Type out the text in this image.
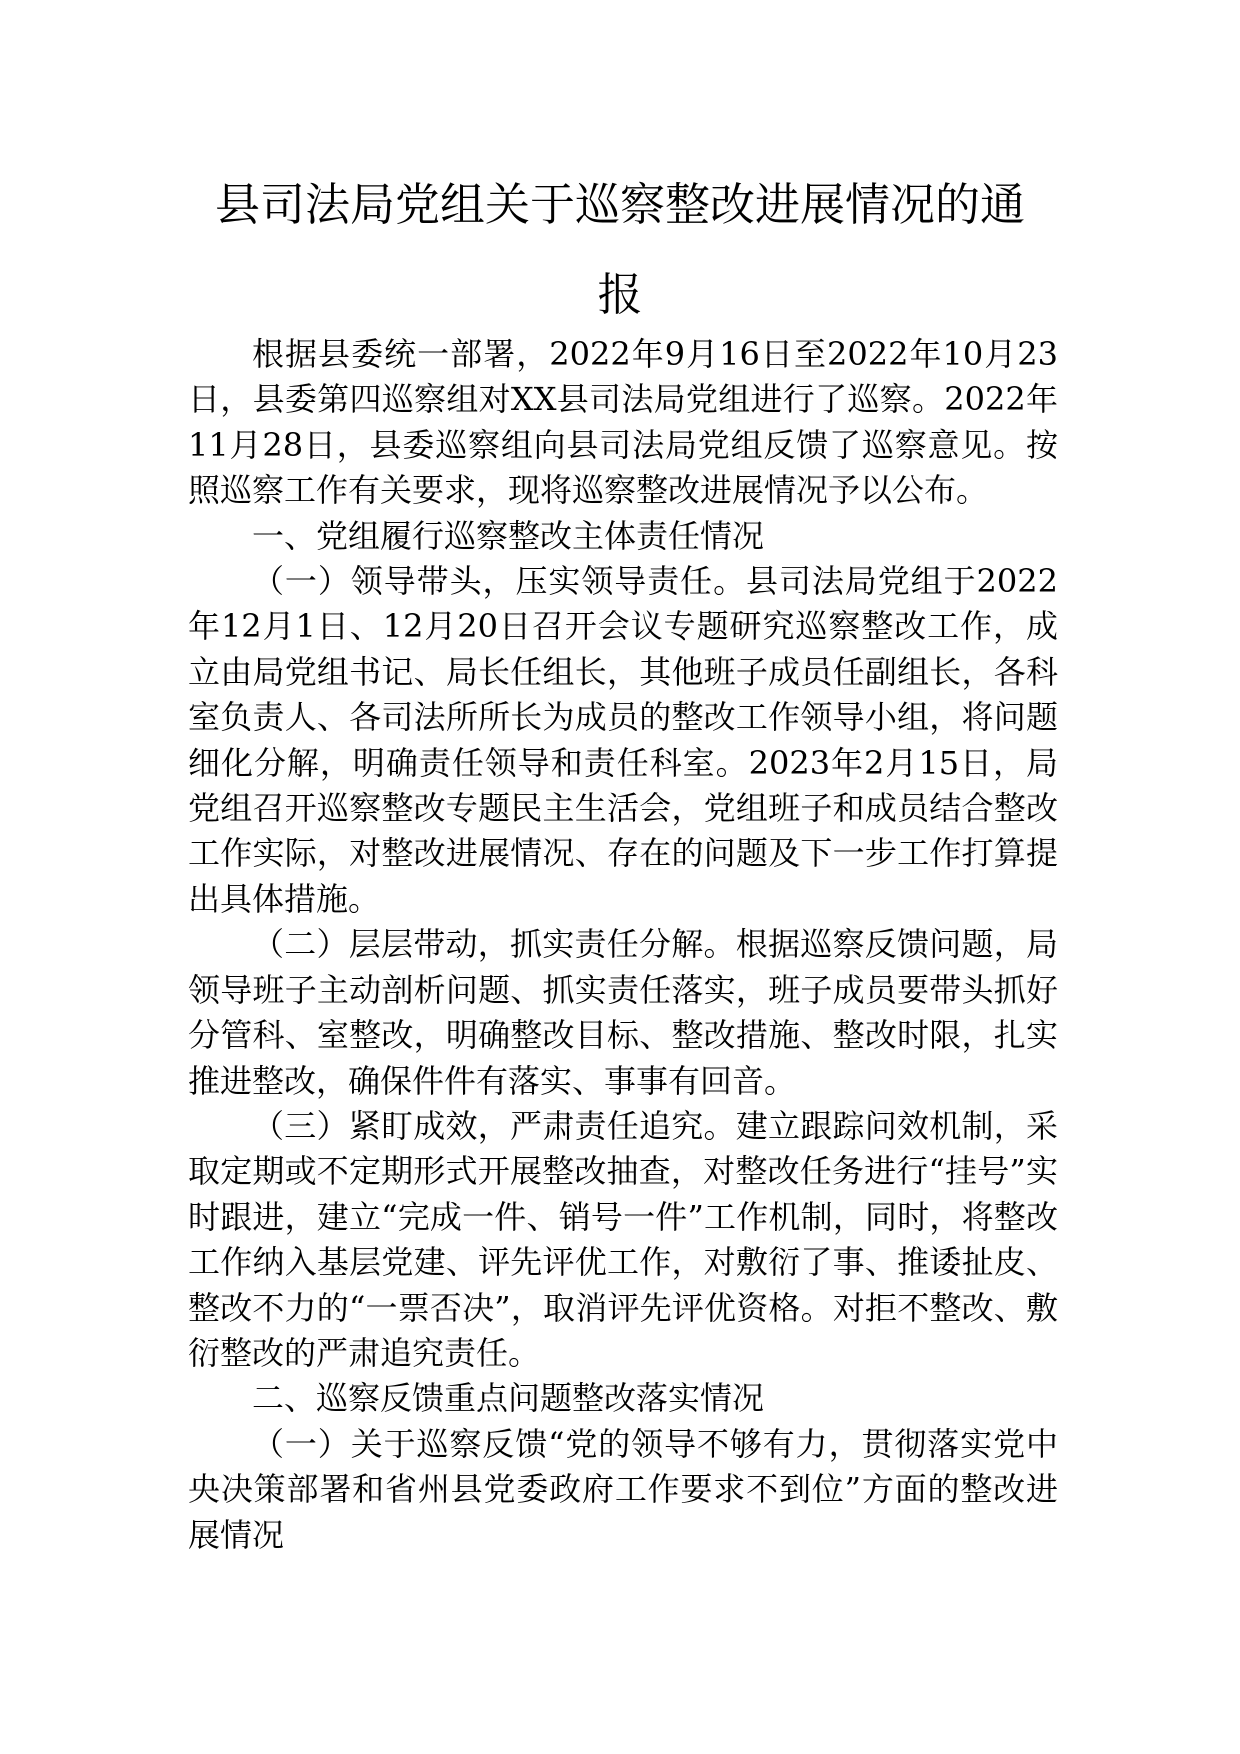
县司法局党组关于巡察整改进展情况的通报

根据县委统一部署，2022年9月16日至2022年10月23日，县委第四巡察组对XX县司法局党组进行了巡察。2022年11月28日，县委巡察组向县司法局党组反馈了巡察意见。按照巡察工作有关要求，现将巡察整改进展情况予以公布。

一、党组履行巡察整改主体责任情况

（一）领导带头，压实领导责任。县司法局党组于2022年12月1日、12月20日召开会议专题研究巡察整改工作，成立由局党组书记、局长任组长，其他班子成员任副组长，各科室负责人、各司法所所长为成员的整改工作领导小组，将问题细化分解，明确责任领导和责任科室。2023年2月15日，局党组召开巡察整改专题民主生活会，党组班子和成员结合整改工作实际，对整改进展情况、存在的问题及下一步工作打算提出具体措施。

（二）层层带动，抓实责任分解。根据巡察反馈问题，局领导班子主动剖析问题、抓实责任落实，班子成员要带头抓好分管科、室整改，明确整改目标、整改措施、整改时限，扎实推进整改，确保件件有落实、事事有回音。

（三）紧盯成效，严肃责任追究。建立跟踪问效机制，采取定期或不定期形式开展整改抽查，对整改任务进行“挂号”实时跟进，建立“完成一件、销号一件”工作机制，同时，将整改工作纳入基层党建、评先评优工作，对敷衍了事、推诿扯皮、整改不力的“一票否决”，取消评先评优资格。对拒不整改、敷衍整改的严肃追究责任。

二、巡察反馈重点问题整改落实情况

（一）关于巡察反馈“党的领导不够有力，贯彻落实党中央决策部署和省州县党委政府工作要求不到位”方面的整改进展情况
